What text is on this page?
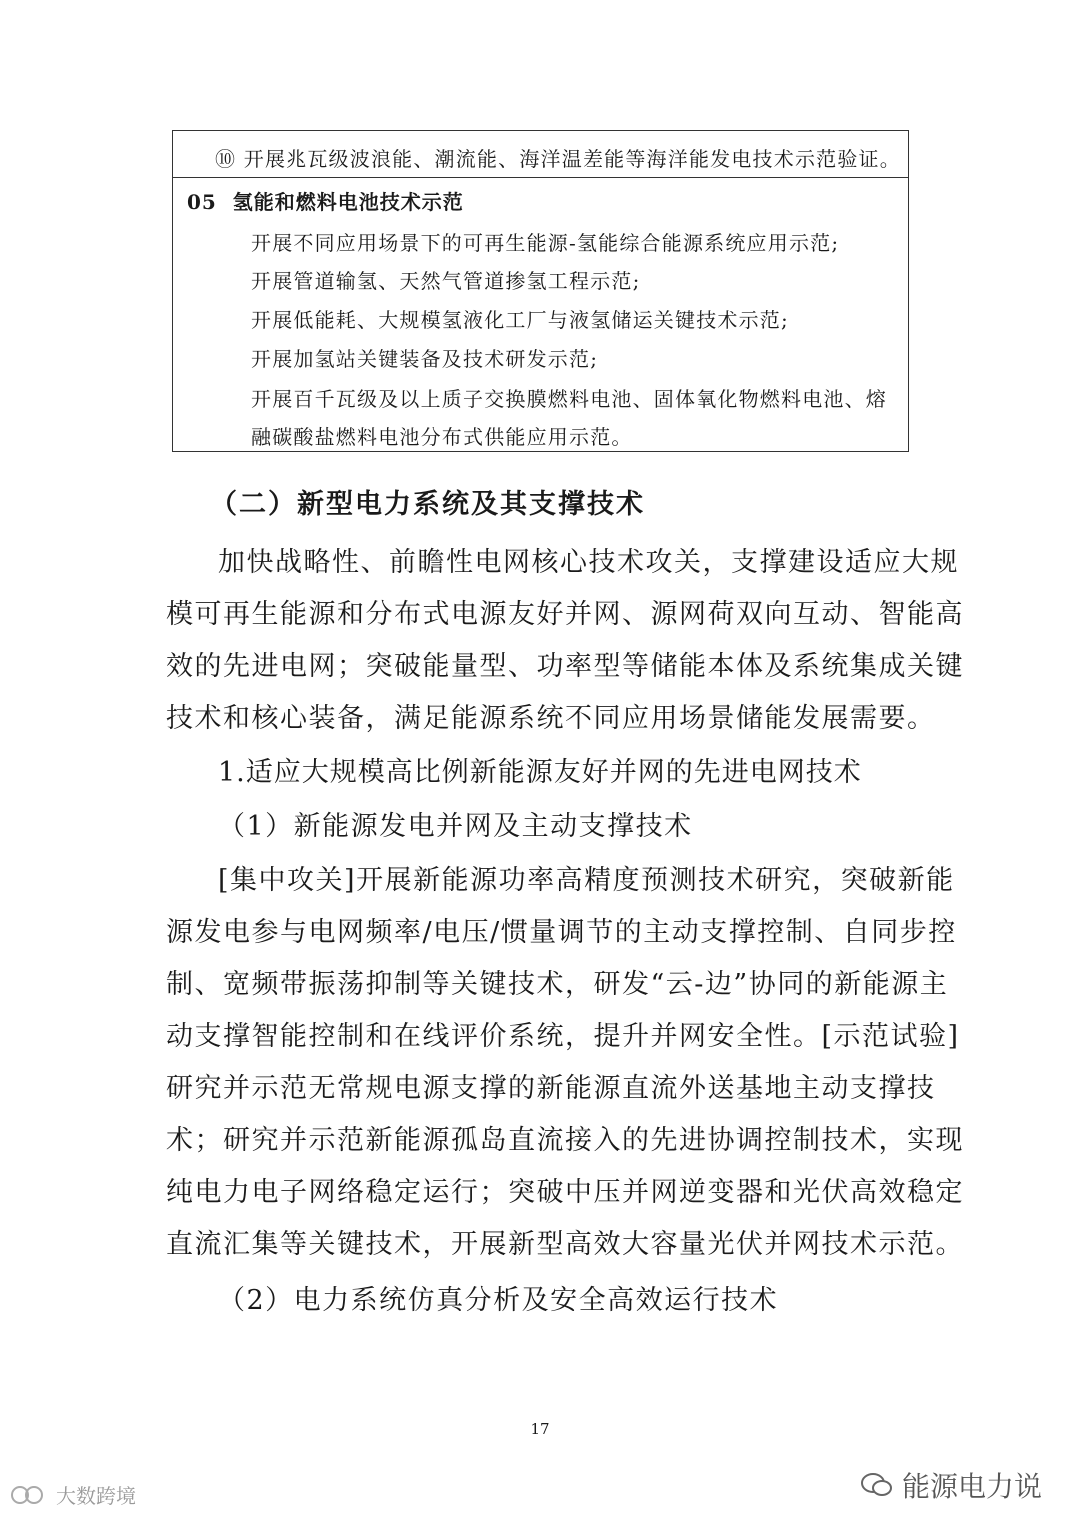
⑩ 开展兆瓦级波浪能、潮流能、海洋温差能等海洋能发电技术示范验证。
05 氢能和燃料电池技术示范
开展不同应用场景下的可再生能源-氢能综合能源系统应用示范;
开展管道输氢、天然气管道掺氢工程示范;
开展低能耗、大规模氢液化工厂与液氢储运关键技术示范;
开展加氢站关键装备及技术研发示范;
开展百千瓦级及以上质子交换膜燃料电池、固体氧化物燃料电池、熔
融碳酸盐燃料电池分布式供能应用示范。
（二）新型电力系统及其支撑技术
加快战略性、前瞻性电网核心技术攻关，支撑建设适应大规
模可再生能源和分布式电源友好并网、源网荷双向互动、智能高
效的先进电网；突破能量型、功率型等储能本体及系统集成关键
技术和核心装备，满足能源系统不同应用场景储能发展需要。
1.适应大规模高比例新能源友好并网的先进电网技术
（1）新能源发电并网及主动支撑技术
[集中攻关]开展新能源功率高精度预测技术研究，突破新能
源发电参与电网频率/电压/惯量调节的主动支撑控制、自同步控
制、宽频带振荡抑制等关键技术，研发“云-边”协同的新能源主
动支撑智能控制和在线评价系统，提升并网安全性。[示范试验]
研究并示范无常规电源支撑的新能源直流外送基地主动支撑技
术；研究并示范新能源孤岛直流接入的先进协调控制技术，实现
纯电力电子网络稳定运行；突破中压并网逆变器和光伏高效稳定
直流汇集等关键技术，开展新型高效大容量光伏并网技术示范。
（2）电力系统仿真分析及安全高效运行技术
17
大数跨境	能源电力说
